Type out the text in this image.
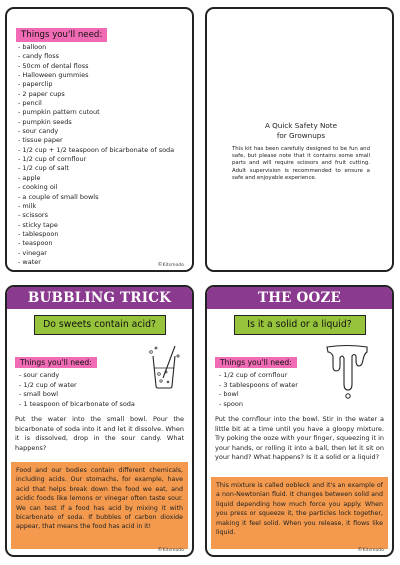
Things you'll need:
- balloon
- candy floss
- 50cm of dental floss
- Halloween gummies
- paperclip
- 2 paper cups
- pencil
- pumpkin pattern cutout
- pumpkin seeds
- sour candy
- tissue paper
- 1/2 cup + 1/2 teaspoon of bicarbonate of soda
- 1/2 cup of cornflour
- 1/2 cup of salt
- apple
- cooking oil
- a couple of small bowls
- milk
- scissors
- sticky tape
- tablespoon
- teaspoon
- vinegar
- water	©Kitsmodo
A Quick Safety Note
for Grownups
This kit has been carefully designed to be fun and safe, but please note that it contains some small parts and will require scissors and fruit cutting. Adult supervision is recommended to ensure a safe and enjoyable experience.
BUBBLING TRICK
Do sweets contain acid?
Things you'll need:
- sour candy
- 1/2 cup of water
- small bowl
- 1 teaspoon of bicarbonate of soda
Put the water into the small bowl. Pour the bicarbonate of soda into it and let it dissolve. When it is dissolved, drop in the sour candy. What happens?
Food and our bodies contain different chemicals, including acids. Our stomachs, for example, have acid that helps break down the food we eat, and acidic foods like lemons or vinegar often taste sour. We can test if a food has acid by mixing it with bicarbonate of soda. If bubbles of carbon dioxide appear, that means the food has acid in it!
©Kitsmodo
THE OOZE
Is it a solid or a liquid?
Things you'll need:
- 1/2 cup of cornflour
- 3 tablespoons of water
- bowl
- spoon
Put the cornflour into the bowl. Stir in the water a little bit at a time until you have a gloopy mixture. Try poking the ooze with your finger, squeezing it in your hands, or rolling it into a ball, then let it sit on your hand? What happens? Is it a solid or a liquid?
This mixture is called oobleck and it's an example of a non-Newtonian fluid. It changes between solid and liquid depending how much force you apply. When you press or squeeze it, the particles lock together, making it feel solid. When you release, it flows like liquid.
©Kitsmodo
